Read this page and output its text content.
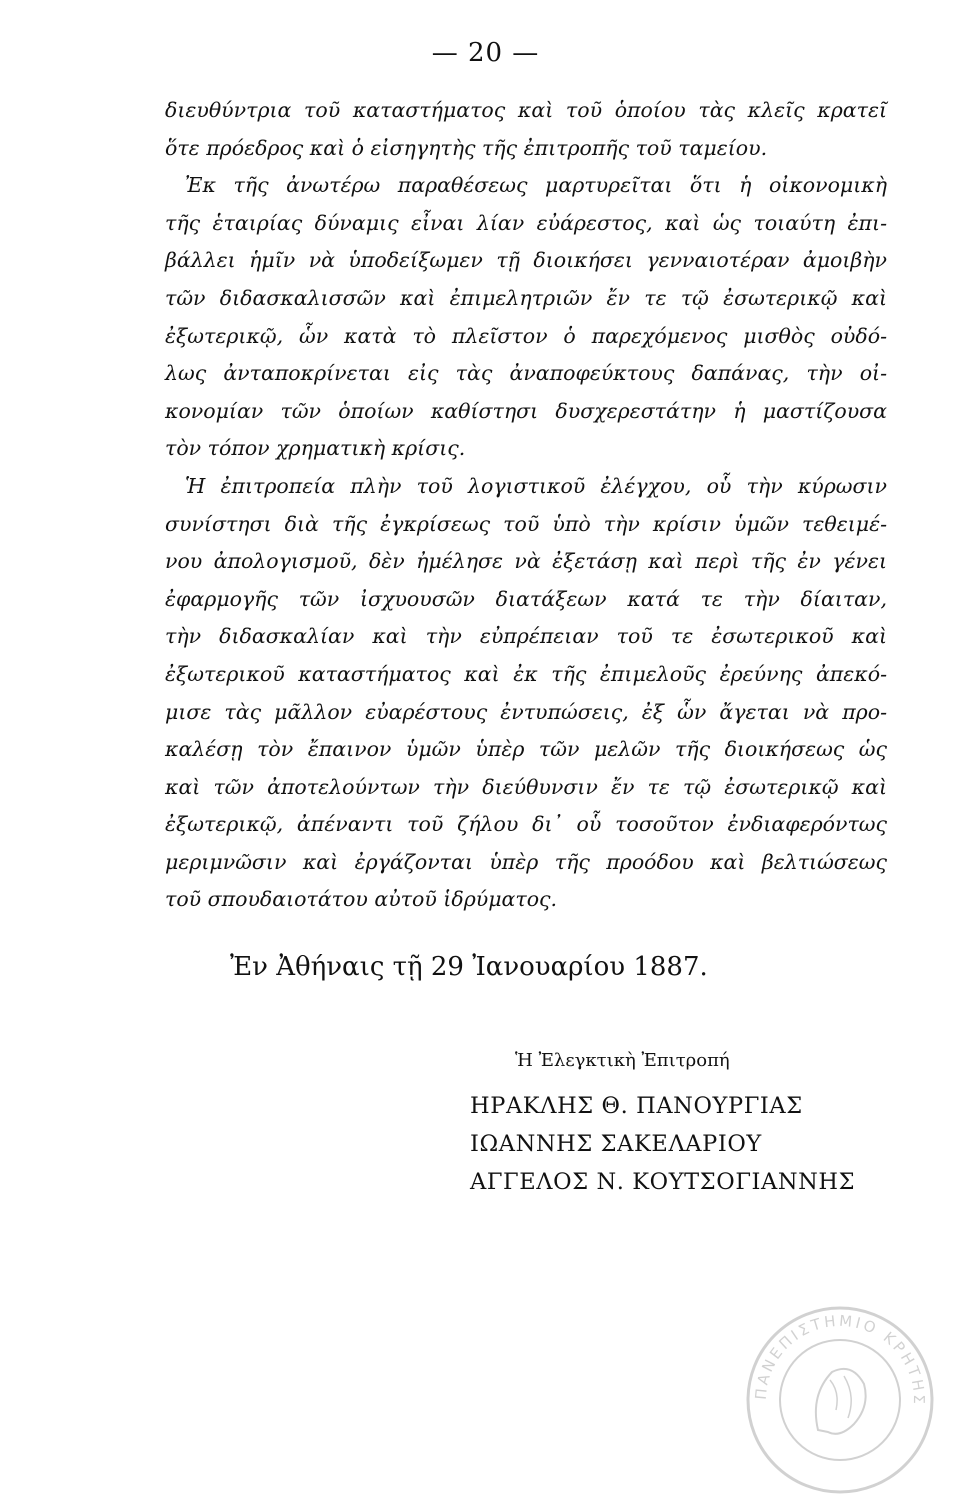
— 20 —
διευθύντρια τοῦ καταστήματος καὶ τοῦ ὁποίου τὰς κλεῖς κρατεῖ
ὅτε πρόεδρος καὶ ὁ εἰσηγητὴς τῆς ἐπιτροπῆς τοῦ ταμείου.
Ἐκ τῆς ἀνωτέρω παραθέσεως μαρτυρεῖται ὅτι ἡ οἰκονομικὴ
τῆς ἑταιρίας δύναμις εἶναι λίαν εὐάρεστος, καὶ ὡς τοιαύτη ἐπι-
βάλλει ἡμῖν νὰ ὑποδείξωμεν τῇ διοικήσει γενναιοτέραν ἀμοιβὴν
τῶν διδασκαλισσῶν καὶ ἐπιμελητριῶν ἔν τε τῷ ἐσωτερικῷ καὶ
ἐξωτερικῷ, ὧν κατὰ τὸ πλεῖστον ὁ παρεχόμενος μισθὸς οὐδό-
λως ἀνταποκρίνεται εἰς τὰς ἀναποφεύκτους δαπάνας, τὴν οἰ-
κονομίαν τῶν ὁποίων καθίστησι δυσχερεστάτην ἡ μαστίζουσα
τὸν τόπον χρηματικὴ κρίσις.
Ἡ ἐπιτροπεία πλὴν τοῦ λογιστικοῦ ἐλέγχου, οὗ τὴν κύρωσιν
συνίστησι διὰ τῆς ἐγκρίσεως τοῦ ὑπὸ τὴν κρίσιν ὑμῶν τεθειμέ-
νου ἀπολογισμοῦ, δὲν ἠμέλησε νὰ ἐξετάσῃ καὶ περὶ τῆς ἐν γένει
ἐφαρμογῆς τῶν ἰσχυουσῶν διατάξεων κατά τε τὴν δίαιταν,
τὴν διδασκαλίαν καὶ τὴν εὐπρέπειαν τοῦ τε ἐσωτερικοῦ καὶ
ἐξωτερικοῦ καταστήματος καὶ ἐκ τῆς ἐπιμελοῦς ἐρεύνης ἀπεκό-
μισε τὰς μᾶλλον εὐαρέστους ἐντυπώσεις, ἐξ ὧν ἄγεται νὰ προ-
καλέσῃ τὸν ἔπαινον ὑμῶν ὑπὲρ τῶν μελῶν τῆς διοικήσεως ὡς
καὶ τῶν ἀποτελούντων τὴν διεύθυνσιν ἔν τε τῷ ἐσωτερικῷ καὶ
ἐξωτερικῷ, ἀπέναντι τοῦ ζήλου δι᾽ οὗ τοσοῦτον ἐνδιαφερόντως
μεριμνῶσιν καὶ ἐργάζονται ὑπὲρ τῆς προόδου καὶ βελτιώσεως
τοῦ σπουδαιοτάτου αὐτοῦ ἱδρύματος.
Ἐν Ἀθήναις τῇ 29 Ἰανουαρίου 1887.
Ἡ Ἐλεγκτικὴ Ἐπιτροπή
ΗΡΑΚΛΗΣ Θ. ΠΑΝΟΥΡΓΙΑΣ
ΙΩΑΝΝΗΣ ΣΑΚΕΛΑΡΙΟΥ
ΑΓΓΕΛΟΣ Ν. ΚΟΥΤΣΟΓΙΑΝΝΗΣ
ΠΑΝΕΠΙΣΤΗΜΙΟ ΚΡΗΤΗΣ
